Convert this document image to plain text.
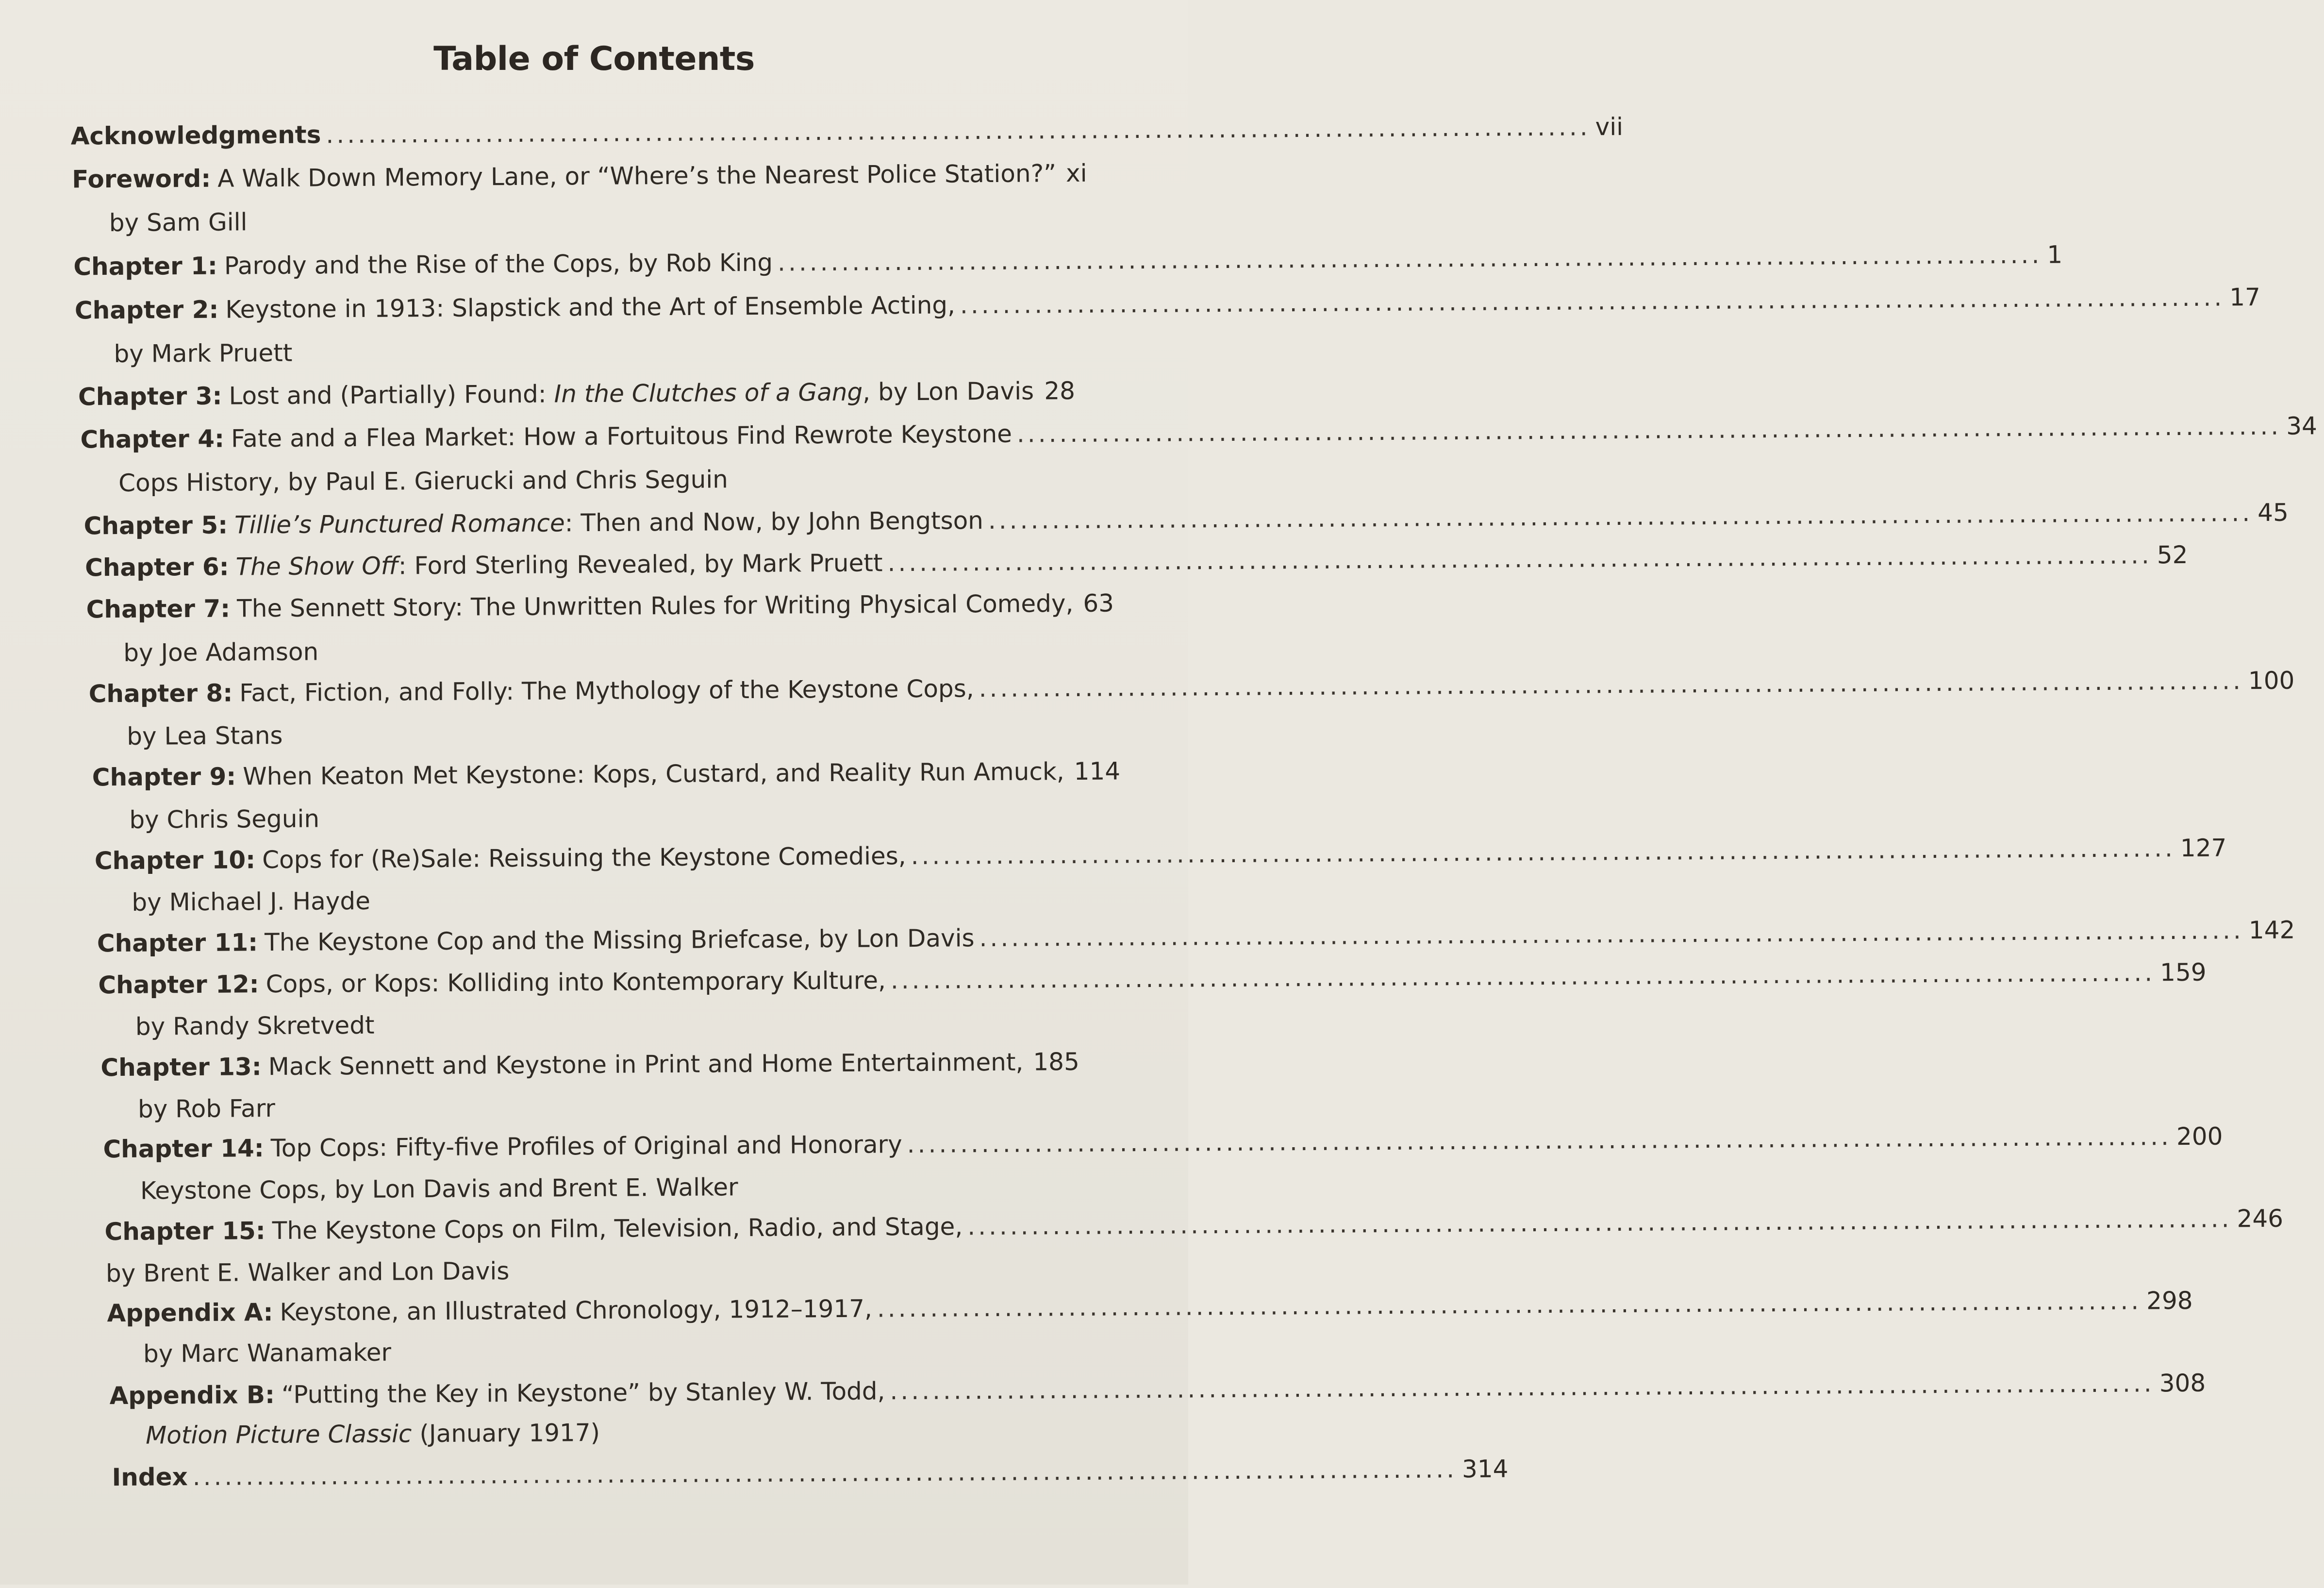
Table of Contents
Acknowledgments ....................................................................................................................... vii
Foreword: A Walk Down Memory Lane, or “Where’s the Nearest Police Station?” xi
by Sam Gill
Chapter 1: Parody and the Rise of the Cops, by Rob King ....................................................................................................................... 1
Chapter 2: Keystone in 1913: Slapstick and the Art of Ensemble Acting, ....................................................................................................................... 17
by Mark Pruett
Chapter 3: Lost and (Partially) Found: In the Clutches of a Gang, by Lon Davis 28
Chapter 4: Fate and a Flea Market: How a Fortuitous Find Rewrote Keystone ....................................................................................................................... 34
Cops History, by Paul E. Gierucki and Chris Seguin
Chapter 5: Tillie’s Punctured Romance: Then and Now, by John Bengtson ....................................................................................................................... 45
Chapter 6: The Show Off: Ford Sterling Revealed, by Mark Pruett ....................................................................................................................... 52
Chapter 7: The Sennett Story: The Unwritten Rules for Writing Physical Comedy, 63
by Joe Adamson
Chapter 8: Fact, Fiction, and Folly: The Mythology of the Keystone Cops, ....................................................................................................................... 100
by Lea Stans
Chapter 9: When Keaton Met Keystone: Kops, Custard, and Reality Run Amuck, 114
by Chris Seguin
Chapter 10: Cops for (Re)Sale: Reissuing the Keystone Comedies, ....................................................................................................................... 127
by Michael J. Hayde
Chapter 11: The Keystone Cop and the Missing Briefcase, by Lon Davis ....................................................................................................................... 142
Chapter 12: Cops, or Kops: Kolliding into Kontemporary Kulture, ....................................................................................................................... 159
by Randy Skretvedt
Chapter 13: Mack Sennett and Keystone in Print and Home Entertainment, 185
by Rob Farr
Chapter 14: Top Cops: Fifty-five Profiles of Original and Honorary ....................................................................................................................... 200
Keystone Cops, by Lon Davis and Brent E. Walker
Chapter 15: The Keystone Cops on Film, Television, Radio, and Stage, ....................................................................................................................... 246
by Brent E. Walker and Lon Davis
Appendix A: Keystone, an Illustrated Chronology, 1912–1917, ....................................................................................................................... 298
by Marc Wanamaker
Appendix B: “Putting the Key in Keystone” by Stanley W. Todd, ....................................................................................................................... 308
Motion Picture Classic (January 1917)
Index ....................................................................................................................... 314
